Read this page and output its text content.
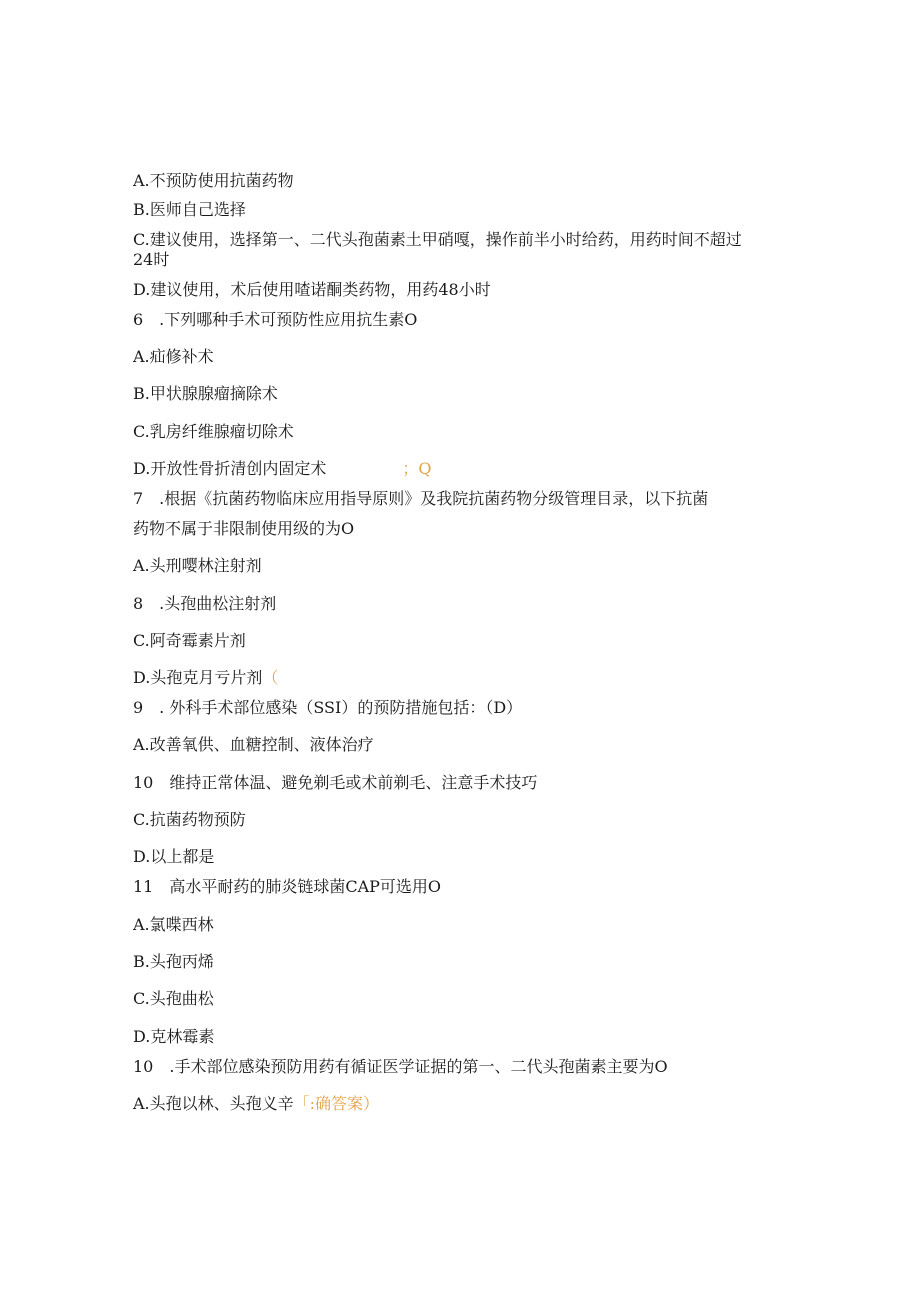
A.不预防使用抗菌药物
B.医师自己选择
C.建议使用，选择第一、二代头孢菌素土甲硝嘎，操作前半小时给药，用药时间不超过
24时
D.建议使用，术后使用喳诺酮类药物，用药48小时
6　.下列哪种手术可预防性应用抗生素O
A.疝修补术
B.甲状腺腺瘤摘除术
C.乳房纤维腺瘤切除术
D.开放性骨折清创内固定术	；Q
7　.根据《抗菌药物临床应用指导原则》及我院抗菌药物分级管理目录，以下抗菌
药物不属于非限制使用级的为O
A.头刑嘤林注射剂
8　.头孢曲松注射剂
C.阿奇霉素片剂
D.头孢克月亏片剂（
9　. 外科手术部位感染（SSI）的预防措施包括：（D）
A.改善氧供、血糖控制、液体治疗
10　维持正常体温、避免剃毛或术前剃毛、注意手术技巧
C.抗菌药物预防
D.以上都是
11　高水平耐药的肺炎链球菌CAP可选用O
A.氯喋西林
B.头孢丙烯
C.头孢曲松
D.克林霉素
10　.手术部位感染预防用药有循证医学证据的第一、二代头孢菌素主要为O
A.头孢以林、头孢义辛「:确答案）
